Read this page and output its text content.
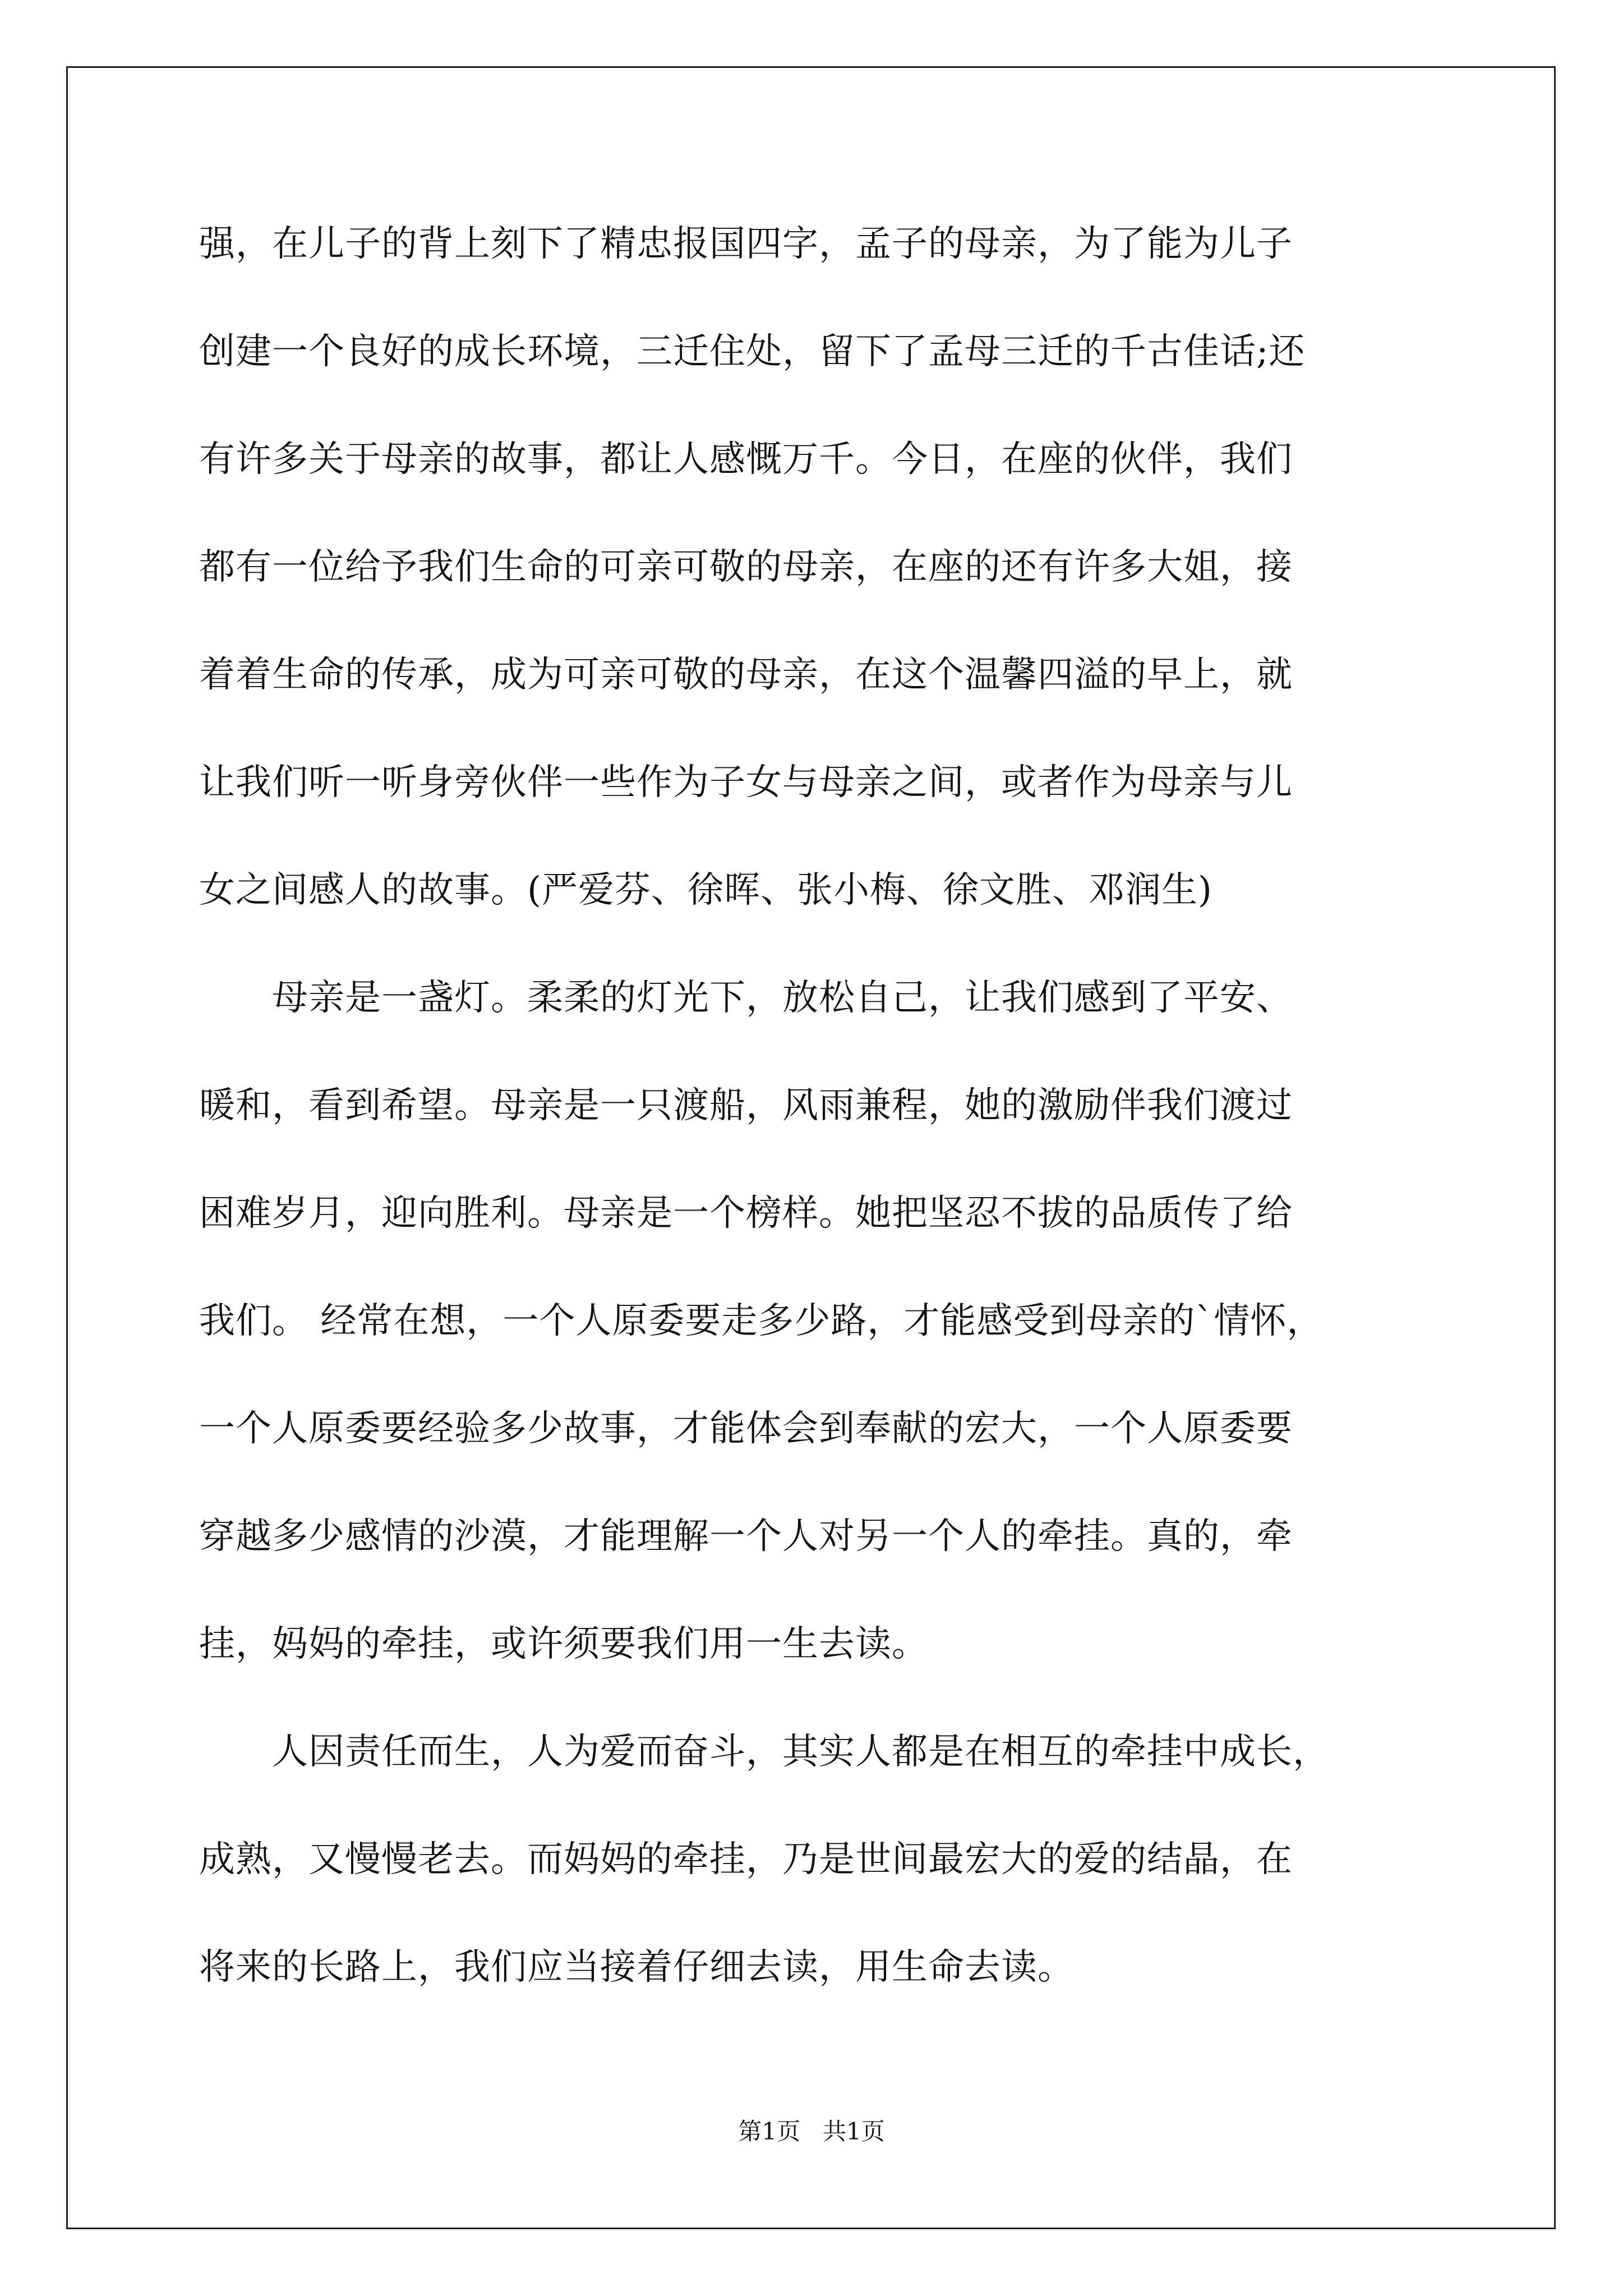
强，在儿子的背上刻下了精忠报国四字，孟子的母亲，为了能为儿子
创建一个良好的成长环境，三迁住处，留下了孟母三迁的千古佳话;还
有许多关于母亲的故事，都让人感慨万千。今日，在座的伙伴，我们
都有一位给予我们生命的可亲可敬的母亲，在座的还有许多大姐，接
着着生命的传承，成为可亲可敬的母亲，在这个温馨四溢的早上，就
让我们听一听身旁伙伴一些作为子女与母亲之间，或者作为母亲与儿
女之间感人的故事。(严爱芬、徐晖、张小梅、徐文胜、邓润生)
　　母亲是一盏灯。柔柔的灯光下，放松自己，让我们感到了平安、
暖和，看到希望。母亲是一只渡船，风雨兼程，她的激励伴我们渡过
困难岁月，迎向胜利。母亲是一个榜样。她把坚忍不拔的品质传了给
我们。 经常在想，一个人原委要走多少路，才能感受到母亲的`情怀，
一个人原委要经验多少故事，才能体会到奉献的宏大，一个人原委要
穿越多少感情的沙漠，才能理解一个人对另一个人的牵挂。真的，牵
挂，妈妈的牵挂，或许须要我们用一生去读。
　　人因责任而生，人为爱而奋斗，其实人都是在相互的牵挂中成长，
成熟，又慢慢老去。而妈妈的牵挂，乃是世间最宏大的爱的结晶，在
将来的长路上，我们应当接着仔细去读，用生命去读。
第1页   共1页
